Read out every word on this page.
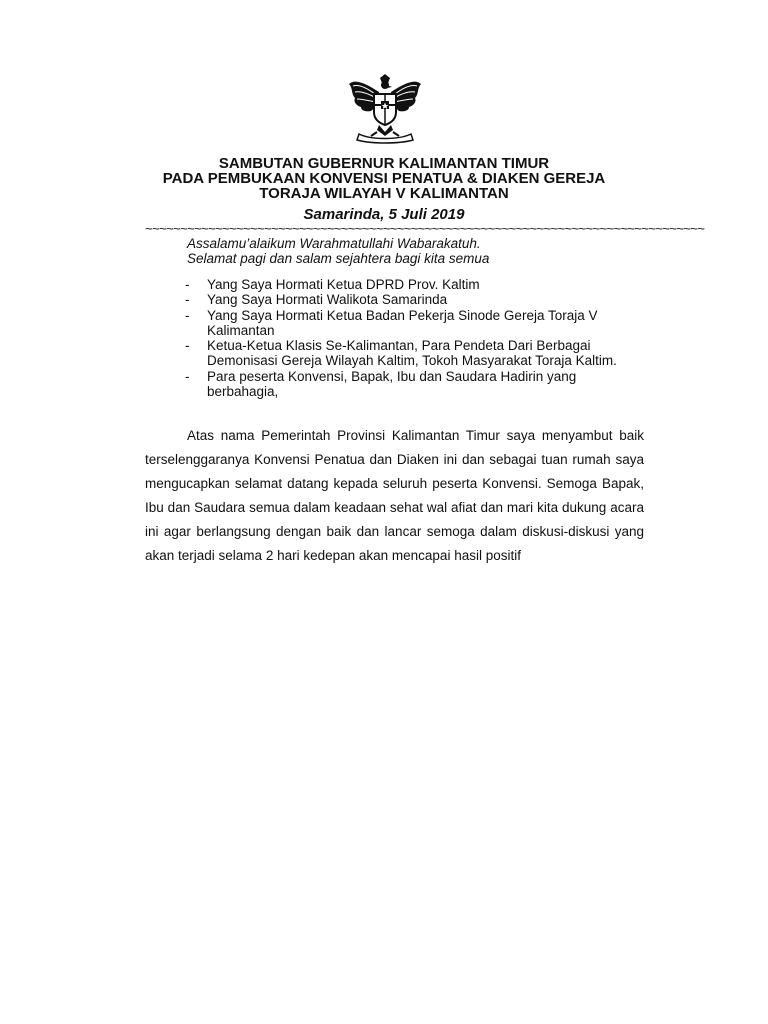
SAMBUTAN GUBERNUR KALIMANTAN TIMUR
PADA PEMBUKAAN KONVENSI PENATUA & DIAKEN GEREJA
TORAJA WILAYAH V KALIMANTAN
Samarinda, 5 Juli 2019
~~~~~~~~~~~~~~~~~~~~~~~~~~~~~~~~~~~~~~~~~~~~~~~~~~~~~~~~~~~~~~~~~~~~~~~~~~~~~~~~
Assalamu’alaikum Warahmatullahi Wabarakatuh.
Selamat pagi dan salam sejahtera bagi kita semua
- Yang Saya Hormati Ketua DPRD Prov. Kaltim
- Yang Saya Hormati Walikota Samarinda
- Yang Saya Hormati Ketua Badan Pekerja Sinode Gereja Toraja V Kalimantan
- Ketua-Ketua Klasis Se-Kalimantan, Para Pendeta Dari Berbagai Demonisasi Gereja Wilayah Kaltim, Tokoh Masyarakat Toraja Kaltim.
- Para peserta Konvensi, Bapak, Ibu dan Saudara Hadirin yang berbahagia,

Atas nama Pemerintah Provinsi Kalimantan Timur saya menyambut baik terselenggaranya Konvensi Penatua dan Diaken ini dan sebagai tuan rumah saya mengucapkan selamat datang kepada seluruh peserta Konvensi. Semoga Bapak, Ibu dan Saudara semua dalam keadaan sehat wal afiat dan mari kita dukung acara ini agar berlangsung dengan baik dan lancar semoga dalam diskusi-diskusi yang akan terjadi selama 2 hari kedepan akan mencapai hasil positif
